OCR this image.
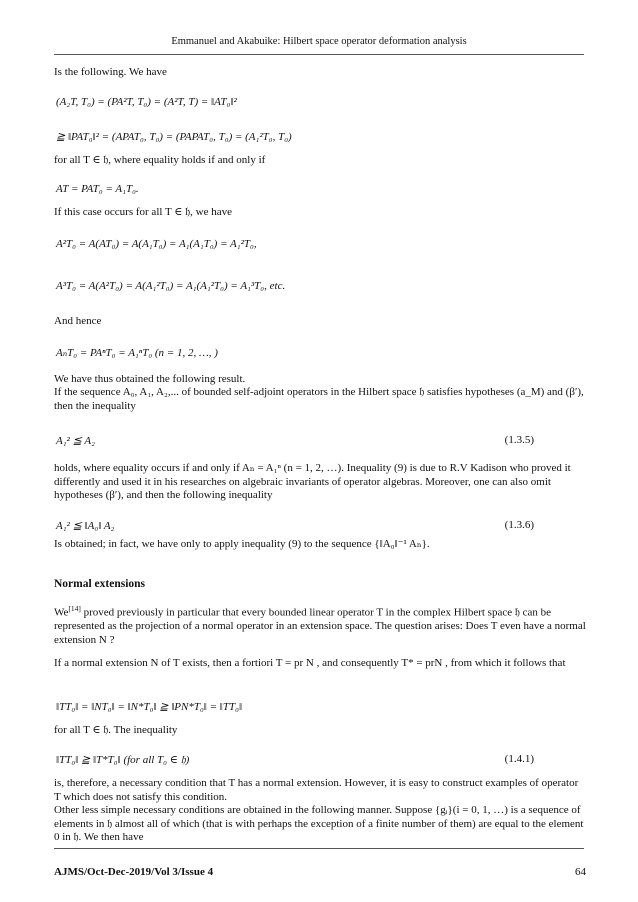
Emmanuel and Akabuike: Hilbert space operator deformation analysis
Is the following. We have
(A₂T, T₀) = (PA²T, T₀) = (A²T, T) = ‖AT₀‖²
≧ ‖PAT₀‖² = (APAT₀, T₀) = (PAPAT₀, T₀) = (A₁²T₀, T₀)
for all T ∈ 𝔥, where equality holds if and only if
AT = PAT₀ = A₁T₀.
If this case occurs for all T ∈ 𝔥, we have
A²T₀ = A(AT₀) = A(A₁T₀) = A₁(A₁T₀) = A₁²T₀,
A³T₀ = A(A²T₀) = A(A₁²T₀) = A₁(A₁²T₀) = A₁³T₀, etc.
And hence
AₙT₀ = PAⁿT₀ = A₁ⁿT₀ (n = 1, 2, …, )
We have thus obtained the following result.
If the sequence A₀, A₁, A₂,... of bounded self-adjoint operators in the Hilbert space 𝔥 satisfies hypotheses (a_M) and (β′), then the inequality
A₁² ≦ A₂	(1.3.5)
holds, where equality occurs if and only if Aₙ = A₁ⁿ (n = 1, 2, …). Inequality (9) is due to R.V Kadison who proved it differently and used it in his researches on algebraic invariants of operator algebras. Moreover, one can also omit hypotheses (β′), and then the following inequality
A₁² ≦ ‖A₀‖ A₂	(1.3.6)
Is obtained; in fact, we have only to apply inequality (9) to the sequence {‖A₀‖⁻¹ Aₙ}.
Normal extensions
We[14] proved previously in particular that every bounded linear operator T in the complex Hilbert space 𝔥 can be represented as the projection of a normal operator in an extension space. The question arises: Does T even have a normal extension N ?
If a normal extension N of T exists, then a fortiori T = pr N , and consequently T* = prN , from which it follows that
‖TT₀‖ = ‖NT₀‖ = ‖N*T₀‖ ≧ ‖PN*T₀‖ = ‖TT₀‖
for all T ∈ 𝔥. The inequality
‖TT₀‖ ≧ ‖T*T₀‖ (for all T₀ ∈ 𝔥)	(1.4.1)
is, therefore, a necessary condition that T has a normal extension. However, it is easy to construct examples of operator T which does not satisfy this condition.
Other less simple necessary conditions are obtained in the following manner. Suppose {gᵢ}(i = 0, 1, …) is a sequence of elements in 𝔥 almost all of which (that is with perhaps the exception of a finite number of them) are equal to the element 0 in 𝔥. We then have
AJMS/Oct-Dec-2019/Vol 3/Issue 4	64
